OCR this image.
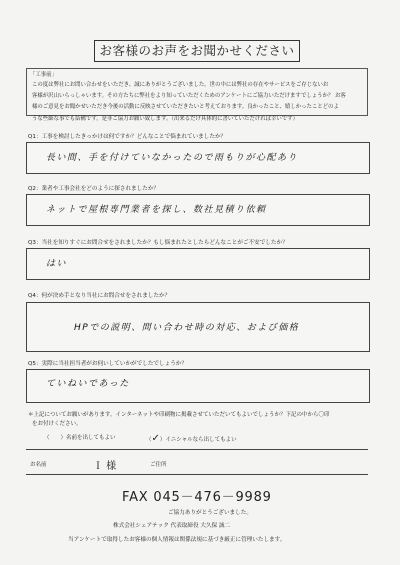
お客様のお声をお聞かせください
「工事前」
この度は弊社にお問い合わせをいただき、誠にありがとうございました。世の中には弊社の存在やサービスをご存じないお
客様が沢山いらっしゃいます。その方たちに弊社をより知っていただくためのアンケートにご協力いただけますでしょうか？ お客
様のご意見をお聞かせいただき今後の活動に反映させていただきたいと考えております。良かったこと、嬉しかったことどのよ
うな些細な事でも結構です。是非ご協力お願い致します。（出来るだけ具体的に書いていただければ幸いです）
Q1：工事を検討したきっかけは何ですか？どんなことで悩まれていましたか？
長い間、手を付けていなかったので雨もりが心配あり
Q2：業者や工事会社をどのように探されましたか？
ネットで屋根専門業者を探し、数社見積り依頼
Q3：当社を知りすぐにお問合せをされましたか？もし悩まれたとしたらどんなことがご不安でしたか？
はい
Q4：何が決め手となり当社にお問合せをされましたか？
HPでの説明、問い合わせ時の対応、および価格
Q5：実際に当社担当者がお伺いしていかがでしたでしょうか？
ていねいであった
＊上記についてお願いがあります。インターネットや印刷物に掲載させていただいてもよいでしょうか？下記の中から〇印
をお付けください。
（　　）名前を出してもよい	（✓）イニシャルなら出してもよい
お名前	Ｉ 様	ご住所
FAX 045－476－9989
ご協力ありがとうございました。
株式会社シェアテック 代表取締役 大久保 誠二
当アンケートで取得したお客様の個人情報は関係法規に基づき厳正に管理いたします。
